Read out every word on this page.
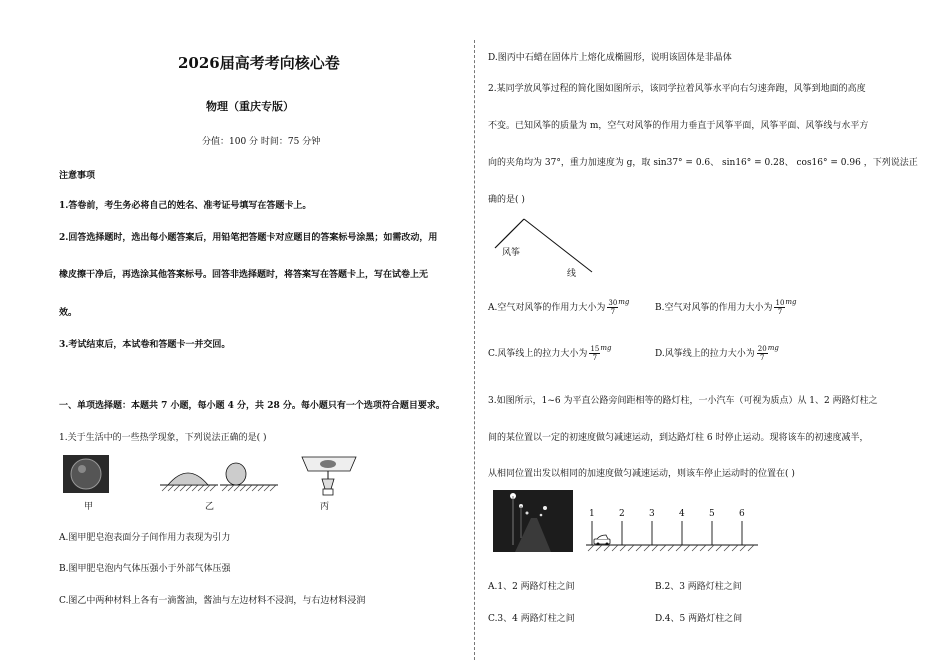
2026届高考考向核心卷
物理（重庆专版）
分值：100 分 时间：75 分钟
注意事项
1.答卷前，考生务必将自己的姓名、准考证号填写在答题卡上。
2.回答选择题时，选出每小题答案后，用铅笔把答题卡对应题目的答案标号涂黑；如需改动，用
橡皮擦干净后，再选涂其他答案标号。回答非选择题时，将答案写在答题卡上，写在试卷上无
效。
3.考试结束后，本试卷和答题卡一并交回。
一、单项选择题：本题共 7 小题，每小题 4 分，共 28 分。每小题只有一个选项符合题目要求。
1.关于生活中的一些热学现象，下列说法正确的是( )
甲	乙	丙
A.图甲肥皂泡表面分子间作用力表现为引力
B.图甲肥皂泡内气体压强小于外部气体压强
C.图乙中两种材料上各有一滴酱油，酱油与左边材料不浸润，与右边材料浸润
D.图丙中石蜡在固体片上熔化成椭圆形，说明该固体是非晶体
2.某同学放风筝过程的简化图如图所示，该同学拉着风筝水平向右匀速奔跑，风筝到地面的高度
不变。已知风筝的质量为 m，空气对风筝的作用力垂直于风筝平面，风筝平面、风筝线与水平方
向的夹角均为 37°，重力加速度为 g，取 sin37° = 0.6、 sin16° = 0.28、 cos16° = 0.96 ，下列说法正
确的是( )
风筝
线
A.空气对风筝的作用力大小为 $\frac{30}{7} ^{mg}$
B.空气对风筝的作用力大小为 $\frac{10}{7} ^{mg}$
C.风筝线上的拉力大小为 $\frac{15}{7} ^{mg}$
D.风筝线上的拉力大小为 $\frac{20}{7} ^{mg}$
3.如图所示，1~6 为平直公路旁间距相等的路灯柱，一小汽车（可视为质点）从 1、2 两路灯柱之
间的某位置以一定的初速度做匀减速运动，到达路灯柱 6 时停止运动。现将该车的初速度减半，
从相同位置出发以相同的加速度做匀减速运动，则该车停止运动时的位置在( )
1	2	3	4	5	6
A.1、2 两路灯柱之间	B.2、3 两路灯柱之间
C.3、4 两路灯柱之间	D.4、5 两路灯柱之间
